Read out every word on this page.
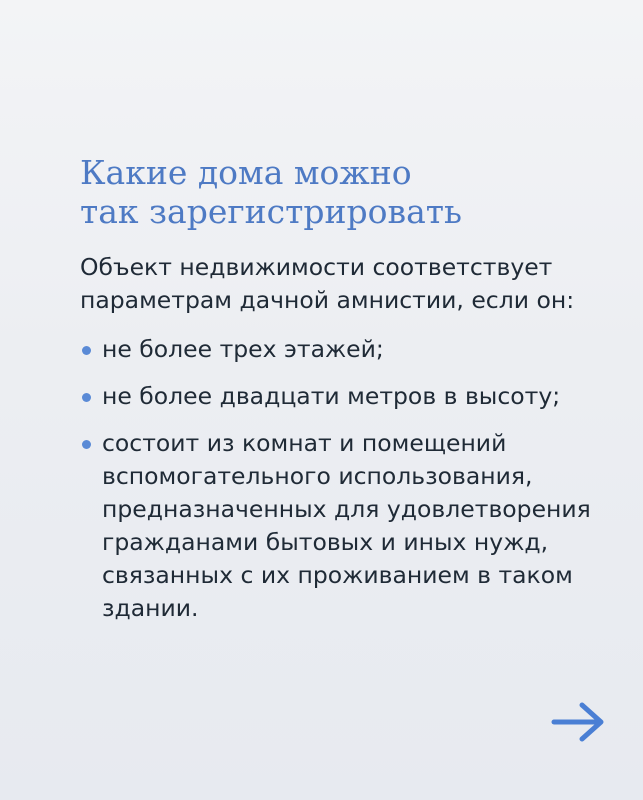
Какие дома можно
так зарегистрировать

Объект недвижимости соответствует
параметрам дачной амнистии, если он:

не более трех этажей;
не более двадцати метров в высоту;
состоит из комнат и помещений
вспомогательного использования,
предназначенных для удовлетворения
гражданами бытовых и иных нужд,
связанных с их проживанием в таком
здании.
